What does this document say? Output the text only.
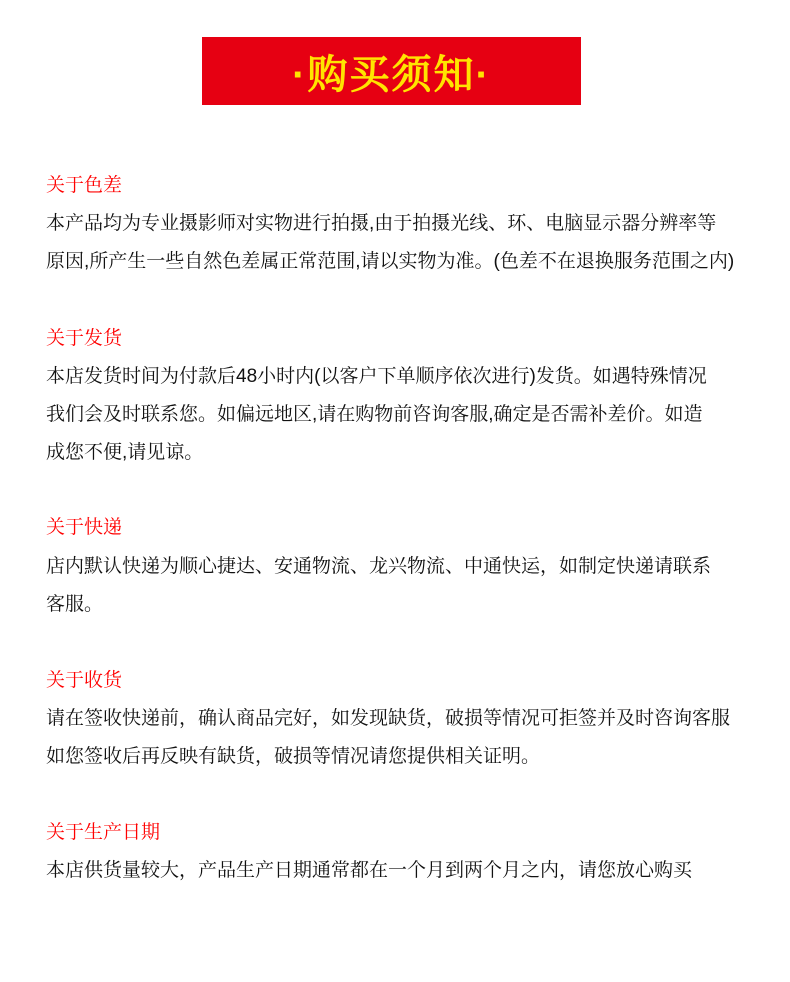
·购买须知·
关于色差
本产品均为专业摄影师对实物进行拍摄,由于拍摄光线、环、电脑显示器分辨率等
原因,所产生一些自然色差属正常范围,请以实物为准。(色差不在退换服务范围之内)
关于发货
本店发货时间为付款后48小时内(以客户下单顺序依次进行)发货。如遇特殊情况
我们会及时联系您。如偏远地区,请在购物前咨询客服,确定是否需补差价。如造
成您不便,请见谅。
关于快递
店内默认快递为顺心捷达、安通物流、龙兴物流、中通快运，如制定快递请联系
客服。
关于收货
请在签收快递前，确认商品完好，如发现缺货，破损等情况可拒签并及时咨询客服
如您签收后再反映有缺货，破损等情况请您提供相关证明。
关于生产日期
本店供货量较大，产品生产日期通常都在一个月到两个月之内，请您放心购买
